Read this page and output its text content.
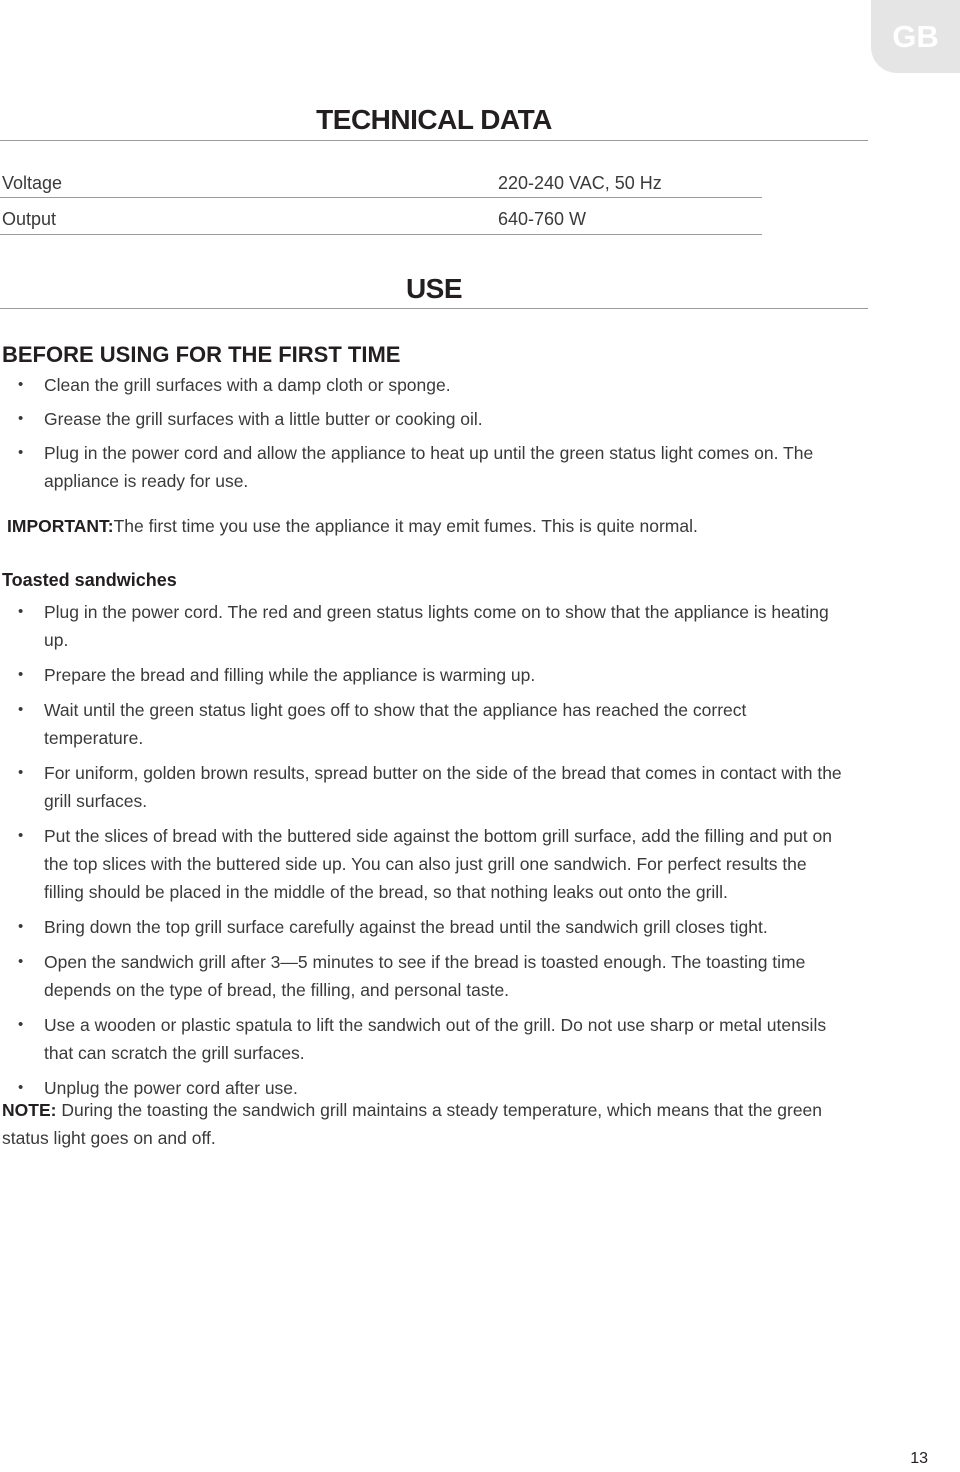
GB
TECHNICAL DATA
Voltage	220-240 VAC, 50 Hz
Output	640-760 W
USE
BEFORE USING FOR THE FIRST TIME
• Clean the grill surfaces with a damp cloth or sponge.
• Grease the grill surfaces with a little butter or cooking oil.
• Plug in the power cord and allow the appliance to heat up until the green status light comes on. The appliance is ready for use.
IMPORTANT:The first time you use the appliance it may emit fumes. This is quite normal.
Toasted sandwiches
• Plug in the power cord. The red and green status lights come on to show that the appliance is heating up.
• Prepare the bread and filling while the appliance is warming up.
• Wait until the green status light goes off to show that the appliance has reached the correct temperature.
• For uniform, golden brown results, spread butter on the side of the bread that comes in contact with the grill surfaces.
• Put the slices of bread with the buttered side against the bottom grill surface, add the filling and put on the top slices with the buttered side up. You can also just grill one sandwich. For perfect results the filling should be placed in the middle of the bread, so that nothing leaks out onto the grill.
• Bring down the top grill surface carefully against the bread until the sandwich grill closes tight.
• Open the sandwich grill after 3—5 minutes to see if the bread is toasted enough. The toasting time depends on the type of bread, the filling, and personal taste.
• Use a wooden or plastic spatula to lift the sandwich out of the grill. Do not use sharp or metal utensils that can scratch the grill surfaces.
• Unplug the power cord after use.
NOTE: During the toasting the sandwich grill maintains a steady temperature, which means that the green status light goes on and off.
13
